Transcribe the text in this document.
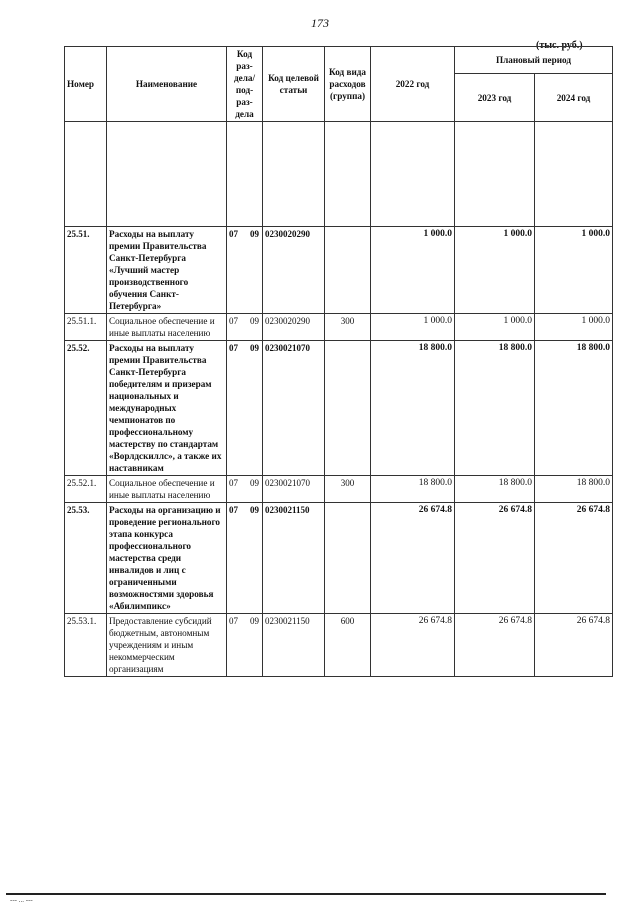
173
(тыс. руб.)
Номер	Наименование	Код раз-дела/ под-раз-дела	Код целевой статьи	Код вида расходов (группа)	2022 год	Плановый период	
						2023 год	2024 год

25.51.	Расходы на выплату премии Правительства Санкт-Петербурга «Лучший мастер производственного обучения Санкт-Петербурга»	07 09	0230020290		1 000.0	1 000.0	1 000.0
25.51.1.	Социальное обеспечение и иные выплаты населению	07 09	0230020290	300	1 000.0	1 000.0	1 000.0
25.52.	Расходы на выплату премии Правительства Санкт-Петербурга победителям и призерам национальных и международных чемпионатов по профессиональному мастерству по стандартам «Ворлдскиллс», а также их наставникам	07 09	0230021070		18 800.0	18 800.0	18 800.0
25.52.1.	Социальное обеспечение и иные выплаты населению	07 09	0230021070	300	18 800.0	18 800.0	18 800.0
25.53.	Расходы на организацию и проведение регионального этапа конкурса профессионального мастерства среди инвалидов и лиц с ограниченными возможностями здоровья «Абилимпикс»	07 09	0230021150		26 674.8	26 674.8	26 674.8
25.53.1.	Предоставление субсидий бюджетным, автономным учреждениям и иным некоммерческим организациям	07 09	0230021150	600	26 674.8	26 674.8	26 674.8
--- ... ---
